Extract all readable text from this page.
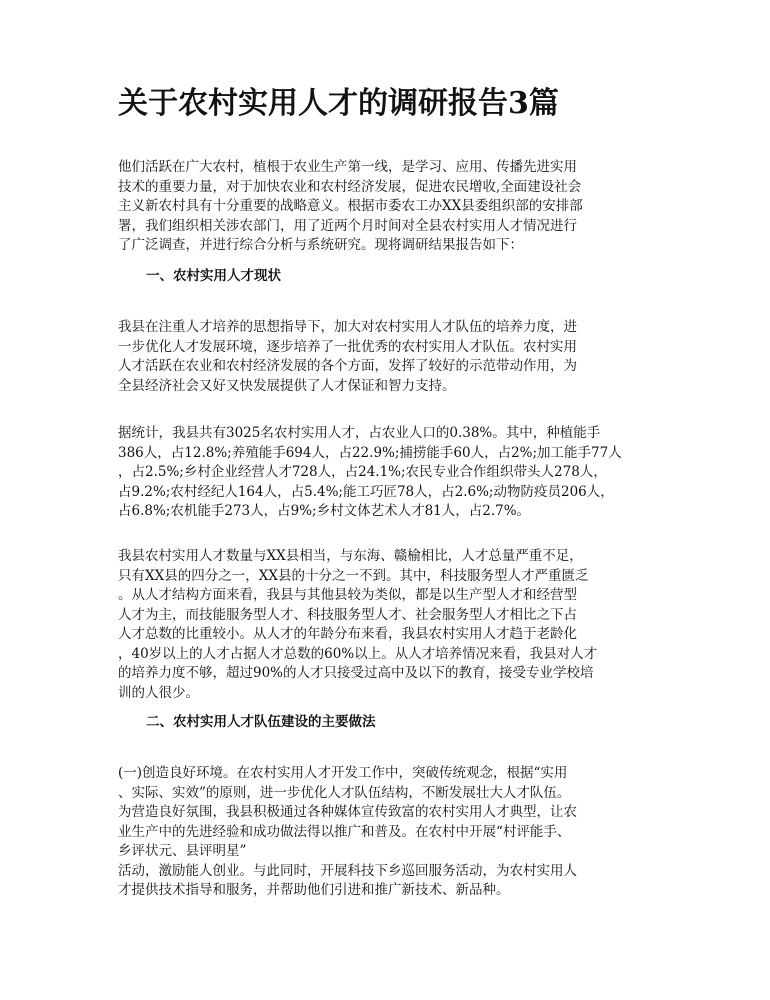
关于农村实用人才的调研报告3篇

他们活跃在广大农村，植根于农业生产第一线，是学习、应用、传播先进实用
技术的重要力量，对于加快农业和农村经济发展，促进农民增收,全面建设社会
主义新农村具有十分重要的战略意义。根据市委农工办XX县委组织部的安排部
署，我们组织相关涉农部门，用了近两个月时间对全县农村实用人才情况进行
了广泛调查，并进行综合分析与系统研究。现将调研结果报告如下：

一、农村实用人才现状

我县在注重人才培养的思想指导下，加大对农村实用人才队伍的培养力度，进
一步优化人才发展环境，逐步培养了一批优秀的农村实用人才队伍。农村实用
人才活跃在农业和农村经济发展的各个方面，发挥了较好的示范带动作用，为
全县经济社会又好又快发展提供了人才保证和智力支持。

据统计，我县共有3025名农村实用人才，占农业人口的0.38%。其中，种植能手
386人，占12.8%;养殖能手694人，占22.9%;捕捞能手60人，占2%;加工能手77人
，占2.5%;乡村企业经营人才728人，占24.1%;农民专业合作组织带头人278人，
占9.2%;农村经纪人164人，占5.4%;能工巧匠78人，占2.6%;动物防疫员206人，
占6.8%;农机能手273人，占9%;乡村文体艺术人才81人，占2.7%。

我县农村实用人才数量与XX县相当，与东海、赣榆相比，人才总量严重不足，
只有XX县的四分之一，XX县的十分之一不到。其中，科技服务型人才严重匮乏
。从人才结构方面来看，我县与其他县较为类似，都是以生产型人才和经营型
人才为主，而技能服务型人才、科技服务型人才、社会服务型人才相比之下占
人才总数的比重较小。从人才的年龄分布来看，我县农村实用人才趋于老龄化
，40岁以上的人才占据人才总数的60%以上。从人才培养情况来看，我县对人才
的培养力度不够，超过90%的人才只接受过高中及以下的教育，接受专业学校培
训的人很少。

二、农村实用人才队伍建设的主要做法

(一)创造良好环境。在农村实用人才开发工作中，突破传统观念，根据“实用
、实际、实效”的原则，进一步优化人才队伍结构，不断发展壮大人才队伍。
为营造良好氛围，我县积极通过各种媒体宣传致富的农村实用人才典型，让农
业生产中的先进经验和成功做法得以推广和普及。在农村中开展“村评能手、
乡评状元、县评明星”
活动，激励能人创业。与此同时，开展科技下乡巡回服务活动，为农村实用人
才提供技术指导和服务，并帮助他们引进和推广新技术、新品种。
